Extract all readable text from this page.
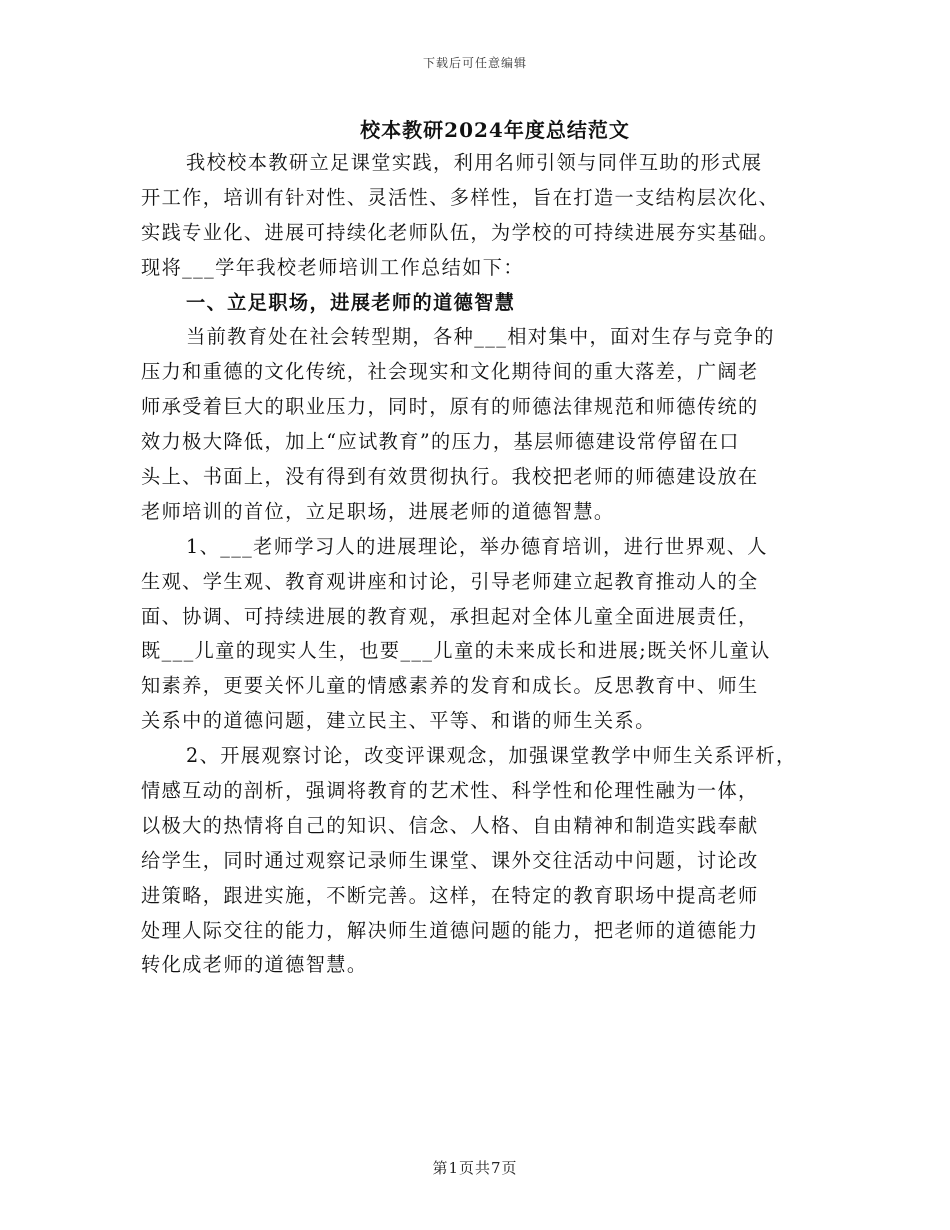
下载后可任意编辑
校本教研2024年度总结范文
我校校本教研立足课堂实践，利用名师引领与同伴互助的形式展
开工作，培训有针对性、灵活性、多样性，旨在打造一支结构层次化、
实践专业化、进展可持续化老师队伍，为学校的可持续进展夯实基础。
现将___学年我校老师培训工作总结如下：
一、立足职场，进展老师的道德智慧
当前教育处在社会转型期，各种___相对集中，面对生存与竞争的
压力和重德的文化传统，社会现实和文化期待间的重大落差，广阔老
师承受着巨大的职业压力，同时，原有的师德法律规范和师德传统的
效力极大降低，加上“应试教育”的压力，基层师德建设常停留在口
头上、书面上，没有得到有效贯彻执行。我校把老师的师德建设放在
老师培训的首位，立足职场，进展老师的道德智慧。
1、___老师学习人的进展理论，举办德育培训，进行世界观、人
生观、学生观、教育观讲座和讨论，引导老师建立起教育推动人的全
面、协调、可持续进展的教育观，承担起对全体儿童全面进展责任，
既___儿童的现实人生，也要___儿童的未来成长和进展;既关怀儿童认
知素养，更要关怀儿童的情感素养的发育和成长。反思教育中、师生
关系中的道德问题，建立民主、平等、和谐的师生关系。
2、开展观察讨论，改变评课观念，加强课堂教学中师生关系评析，
情感互动的剖析，强调将教育的艺术性、科学性和伦理性融为一体，
以极大的热情将自己的知识、信念、人格、自由精神和制造实践奉献
给学生，同时通过观察记录师生课堂、课外交往活动中问题，讨论改
进策略，跟进实施，不断完善。这样，在特定的教育职场中提高老师
处理人际交往的能力，解决师生道德问题的能力，把老师的道德能力
转化成老师的道德智慧。
第1页共7页
